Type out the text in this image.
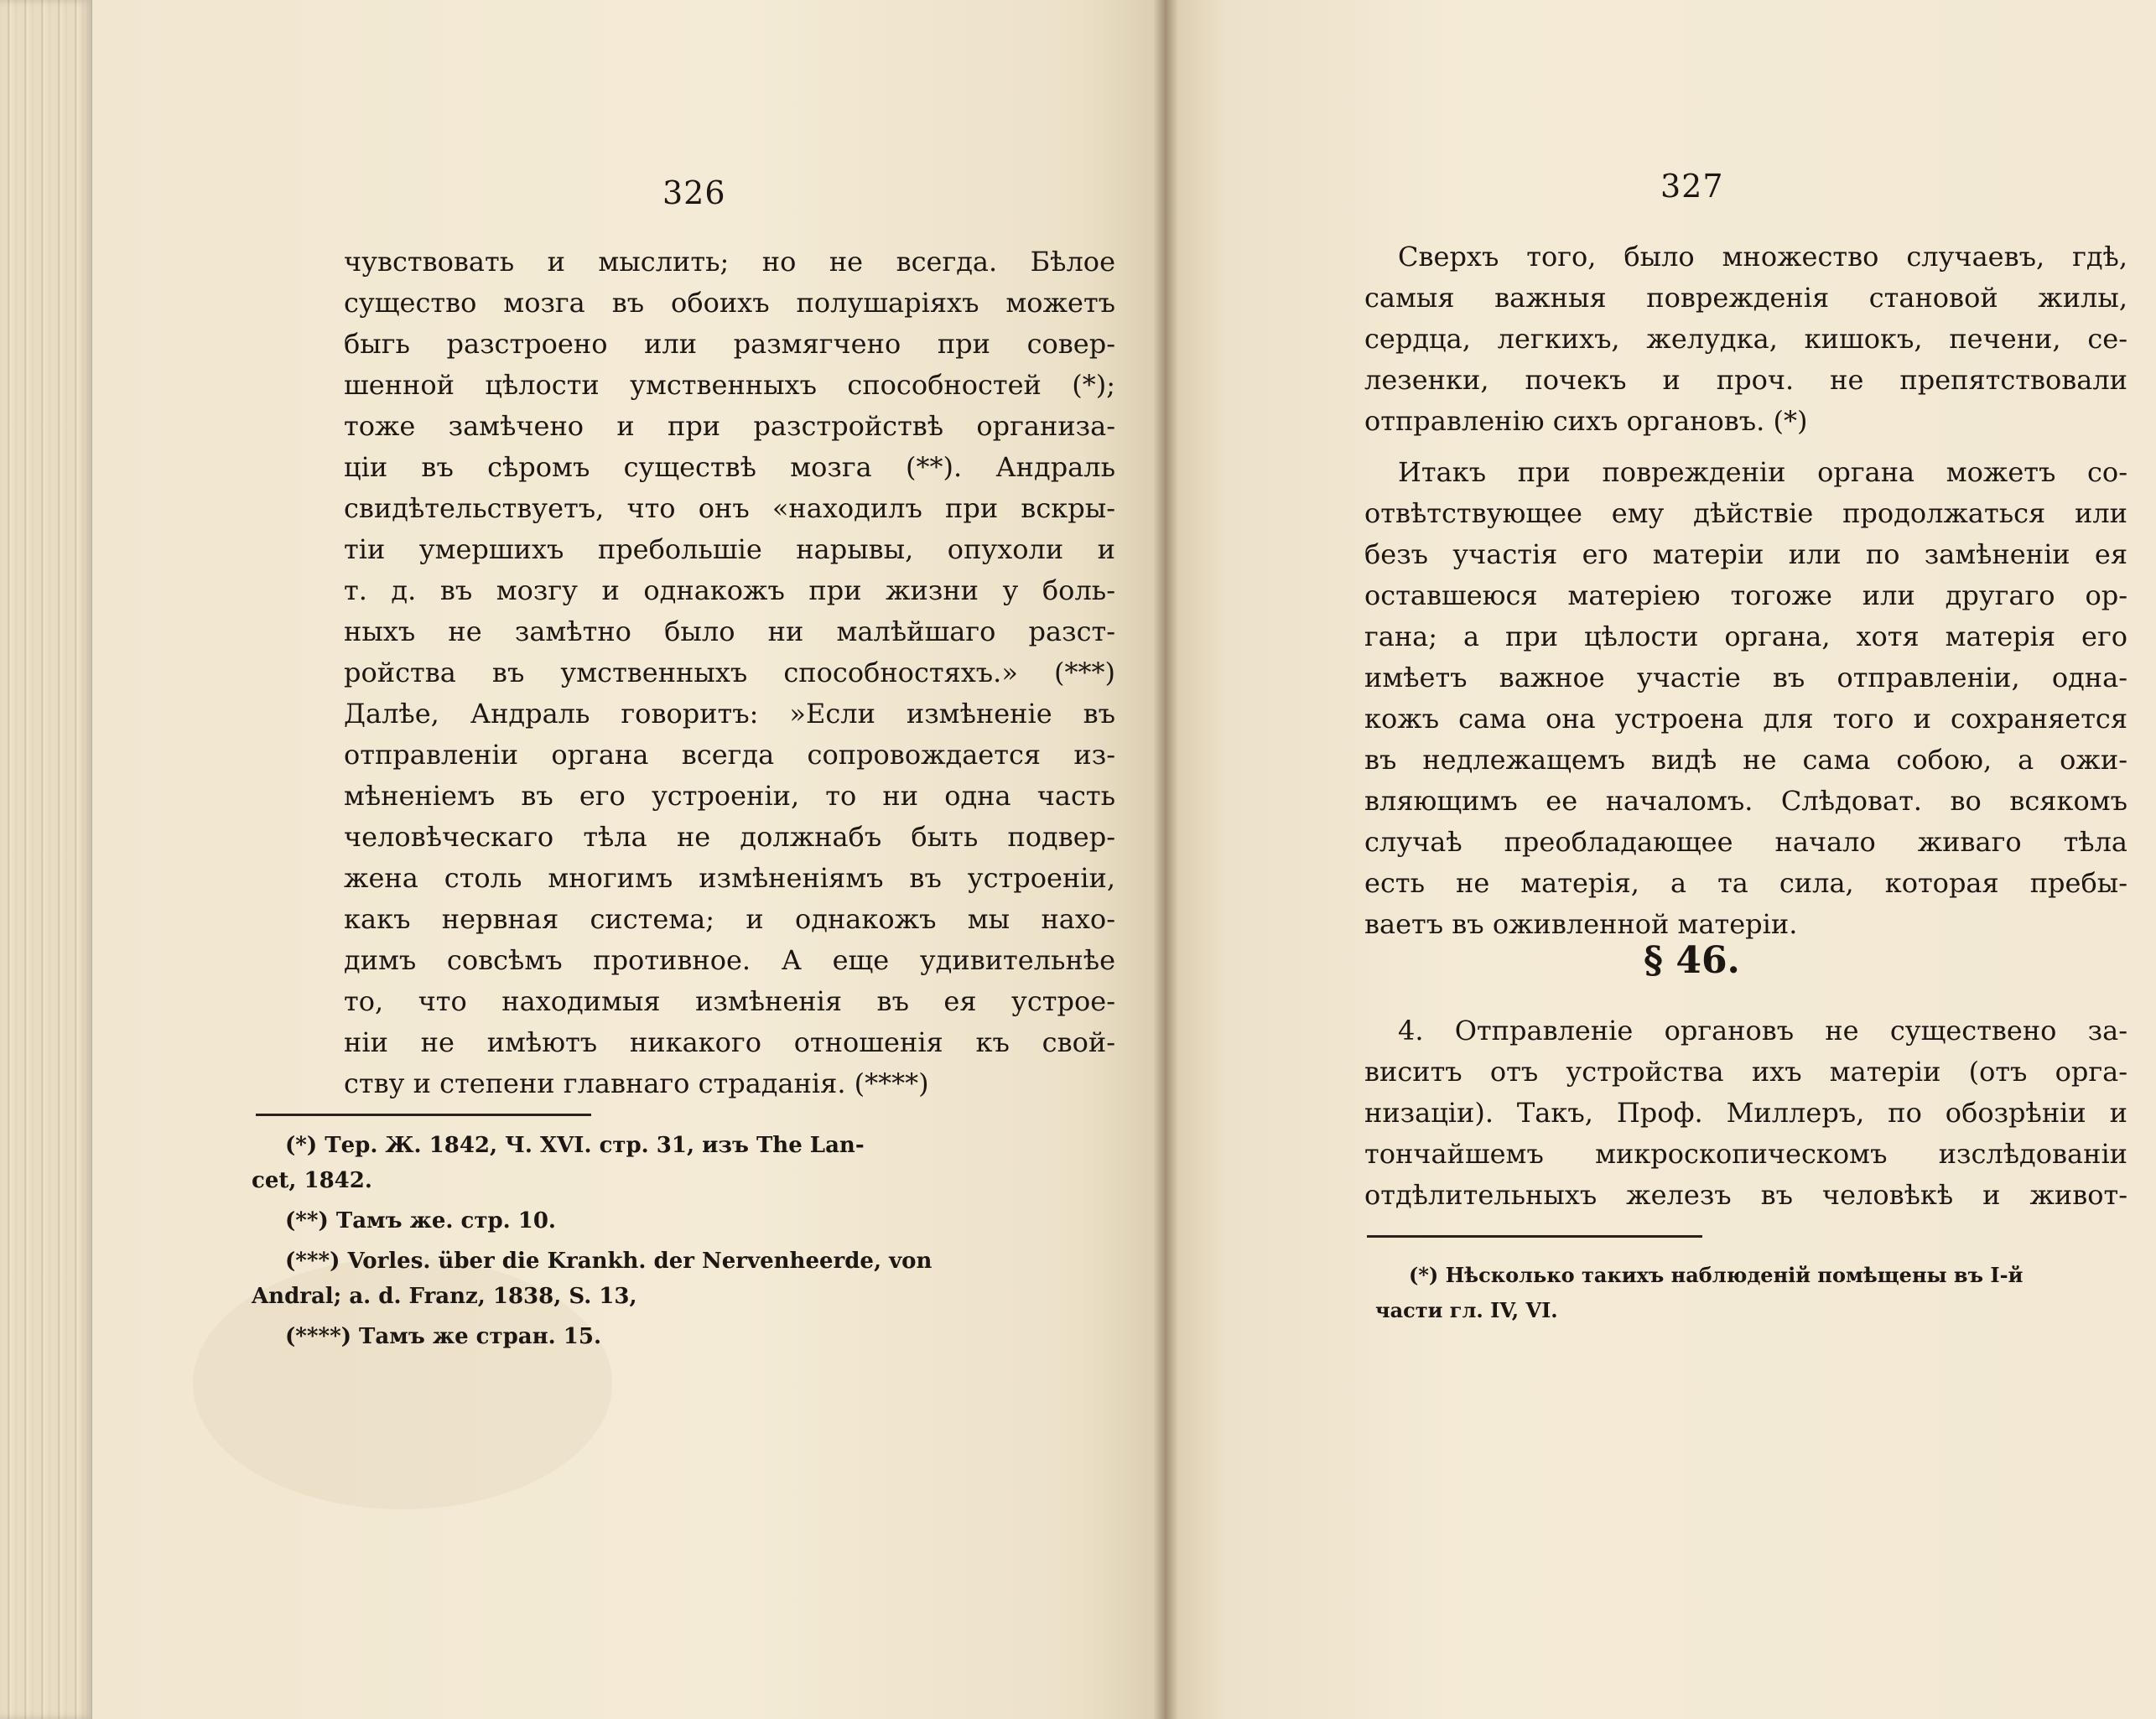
326
чувствовать и мыслить; но не всегда. Бѣлое
существо мозга въ обоихъ полушаріяхъ можетъ
быгь разстроено или размягчено при совер-
шенной цѣлости умственныхъ способностей (*);
тоже замѣчено и при разстройствѣ организа-
ціи въ сѣромъ существѣ мозга (**). Андраль
свидѣтельствуетъ, что онъ «находилъ при вскры-
тіи умершихъ пребольшіе нарывы, опухоли и
т. д. въ мозгу и однакожъ при жизни у боль-
ныхъ не замѣтно было ни малѣйшаго разст-
ройства въ умственныхъ способностяхъ.» (***)
Далѣе, Андраль говоритъ: »Если измѣненіе въ
отправленіи органа всегда сопровождается из-
мѣненіемъ въ его устроеніи, то ни одна часть
человѣческаго тѣла не должнабъ быть подвер-
жена столь многимъ измѣненіямъ въ устроеніи,
какъ нервная система; и однакожъ мы нахо-
димъ совсѣмъ противное. А еще удивительнѣе
то, что находимыя измѣненія въ ея устрое-
ніи не имѣютъ никакого отношенія къ свой-
ству и степени главнаго страданія. (****)
(*) Тер. Ж. 1842, Ч. XVI. стр. 31, изъ The Lan-
cet, 1842.
(**) Тамъ же. стр. 10.
(***) Vorles. über die Krankh. der Nervenheerde, von
Andral; a. d. Franz, 1838, S. 13,
(****) Тамъ же стран. 15.
327
Сверхъ того, было множество случаевъ, гдѣ,
самыя важныя поврежденія становой жилы,
сердца, легкихъ, желудка, кишокъ, печени, се-
лезенки, почекъ и проч. не препятствовали
отправленію сихъ органовъ. (*)
Итакъ при поврежденіи органа можетъ со-
отвѣтствующее ему дѣйствіе продолжаться или
безъ участія его матеріи или по замѣненіи ея
оставшеюся матеріею тогоже или другаго ор-
гана; а при цѣлости органа, хотя матерія его
имѣетъ важное участіе въ отправленіи, одна-
кожъ сама она устроена для того и сохраняется
въ недлежащемъ видѣ не сама собою, а ожи-
вляющимъ ее началомъ. Слѣдоват. во всякомъ
случаѣ преобладающее начало живаго тѣла
есть не матерія, а та сила, которая пребы-
ваетъ въ оживленной матеріи.
§ 46.
4. Отправленіе органовъ не существено за-
виситъ отъ устройства ихъ матеріи (отъ орга-
низаціи). Такъ, Проф. Миллеръ, по обозрѣніи и
тончайшемъ микроскопическомъ изслѣдованіи
отдѣлительныхъ железъ въ человѣкѣ и живот-
(*) Нѣсколько такихъ наблюденій помѣщены въ І-й
части гл. IV, VI.
